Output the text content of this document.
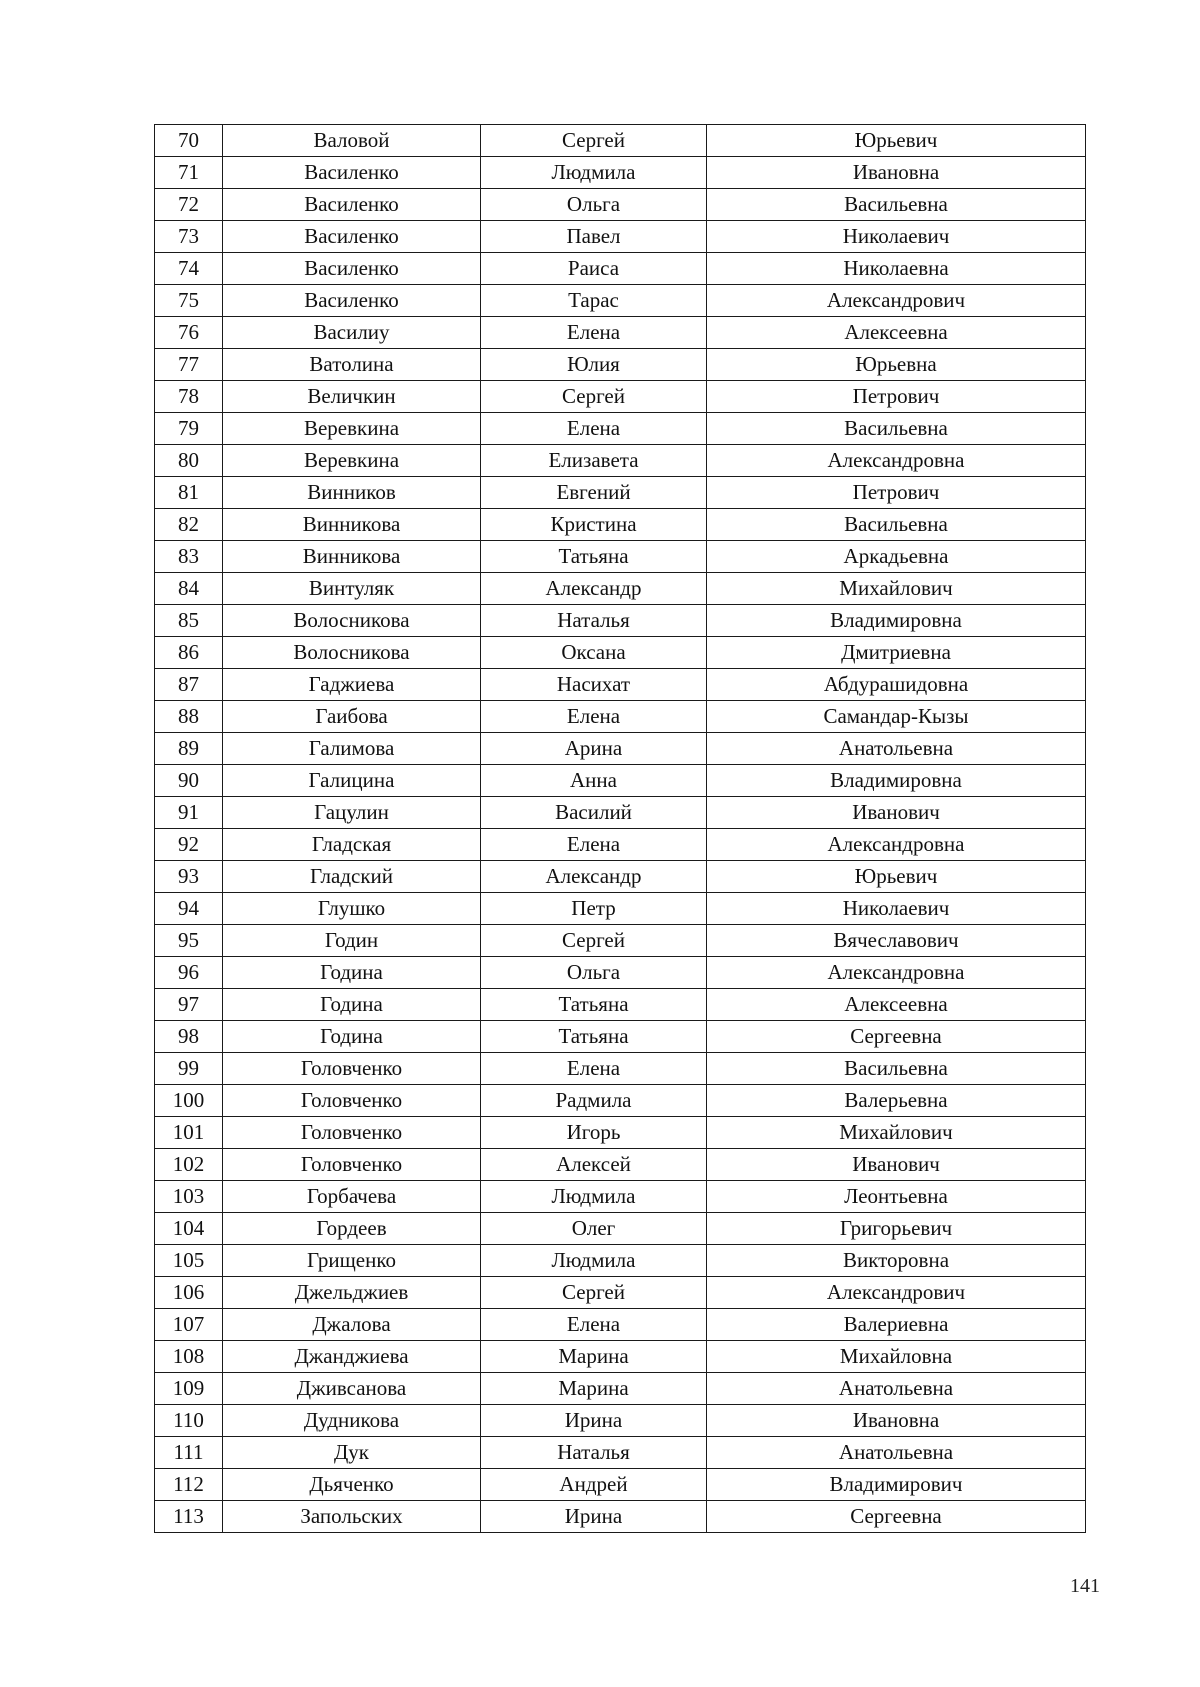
70	Валовой	Сергей	Юрьевич
71	Василенко	Людмила	Ивановна
72	Василенко	Ольга	Васильевна
73	Василенко	Павел	Николаевич
74	Василенко	Раиса	Николаевна
75	Василенко	Тарас	Александрович
76	Василиу	Елена	Алексеевна
77	Ватолина	Юлия	Юрьевна
78	Величкин	Сергей	Петрович
79	Веревкина	Елена	Васильевна
80	Веревкина	Елизавета	Александровна
81	Винников	Евгений	Петрович
82	Винникова	Кристина	Васильевна
83	Винникова	Татьяна	Аркадьевна
84	Винтуляк	Александр	Михайлович
85	Волосникова	Наталья	Владимировна
86	Волосникова	Оксана	Дмитриевна
87	Гаджиева	Насихат	Абдурашидовна
88	Гаибова	Елена	Самандар-Кызы
89	Галимова	Арина	Анатольевна
90	Галицина	Анна	Владимировна
91	Гацулин	Василий	Иванович
92	Гладская	Елена	Александровна
93	Гладский	Александр	Юрьевич
94	Глушко	Петр	Николаевич
95	Годин	Сергей	Вячеславович
96	Година	Ольга	Александровна
97	Година	Татьяна	Алексеевна
98	Година	Татьяна	Сергеевна
99	Головченко	Елена	Васильевна
100	Головченко	Радмила	Валерьевна
101	Головченко	Игорь	Михайлович
102	Головченко	Алексей	Иванович
103	Горбачева	Людмила	Леонтьевна
104	Гордеев	Олег	Григорьевич
105	Грищенко	Людмила	Викторовна
106	Джельджиев	Сергей	Александрович
107	Джалова	Елена	Валериевна
108	Джанджиева	Марина	Михайловна
109	Дживсанова	Марина	Анатольевна
110	Дудникова	Ирина	Ивановна
111	Дук	Наталья	Анатольевна
112	Дьяченко	Андрей	Владимирович
113	Запольских	Ирина	Сергеевна
141
